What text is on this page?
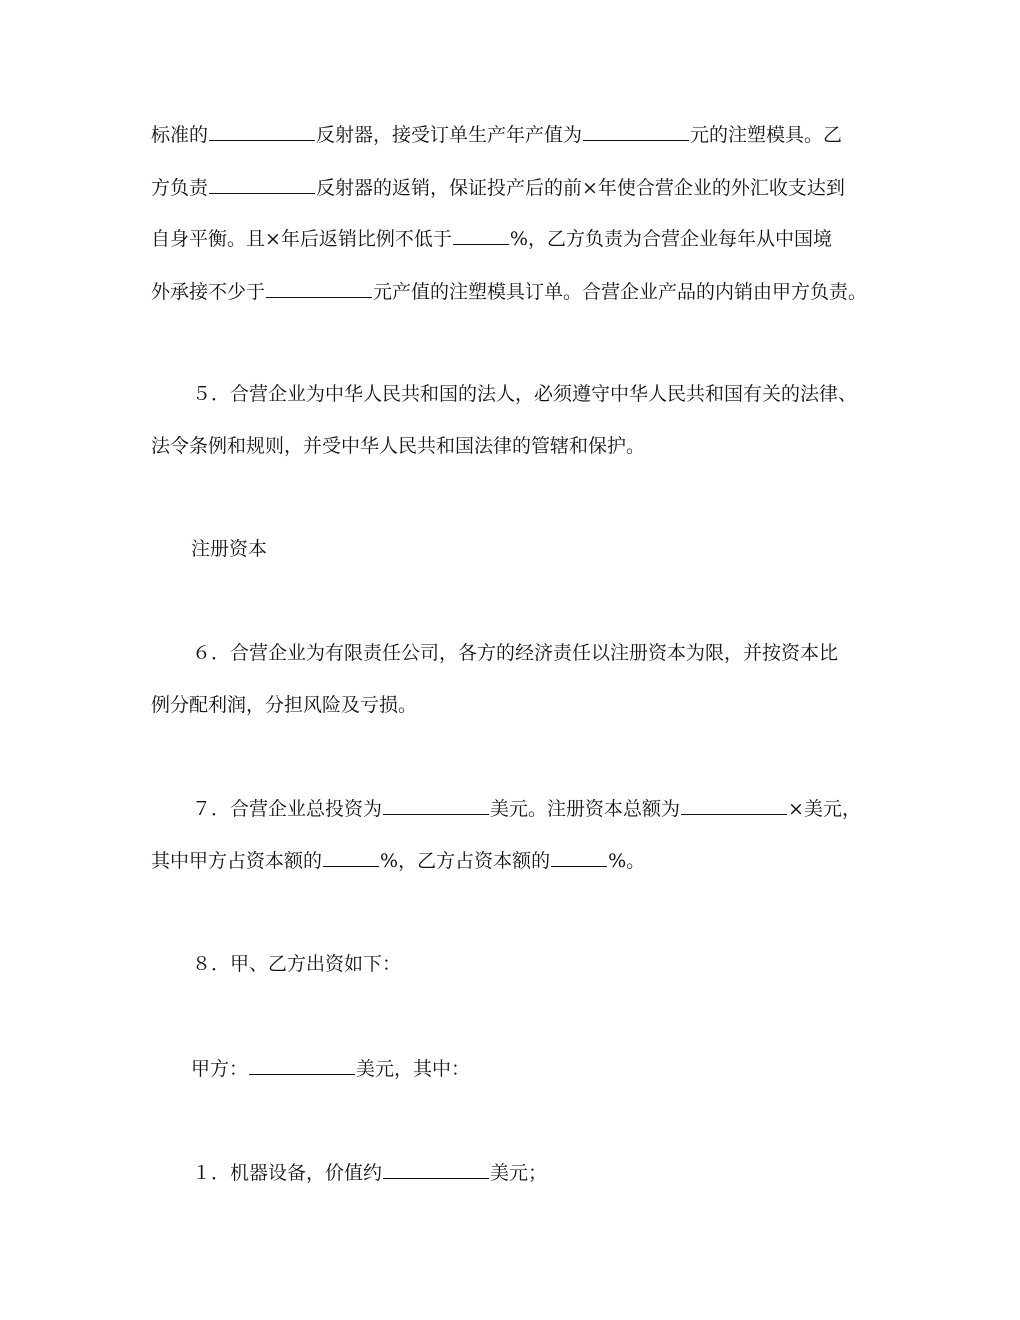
标准的	反射器，接受订单生产年产值为	元的注塑模具。乙
方负责	反射器的返销，保证投产后的前×年使合营企业的外汇收支达到
自身平衡。且×年后返销比例不低于	%，乙方负责为合营企业每年从中国境
外承接不少于	元产值的注塑模具订单。合营企业产品的内销由甲方负责。
５．合营企业为中华人民共和国的法人，必须遵守中华人民共和国有关的法律、
法令条例和规则，并受中华人民共和国法律的管辖和保护。
注册资本
６．合营企业为有限责任公司，各方的经济责任以注册资本为限，并按资本比
例分配利润，分担风险及亏损。
７．合营企业总投资为	美元。注册资本总额为	×美元，
其中甲方占资本额的	%，乙方占资本额的	%。
８．甲、乙方出资如下：
甲方：	美元，其中：
１．机器设备，价值约	美元；
